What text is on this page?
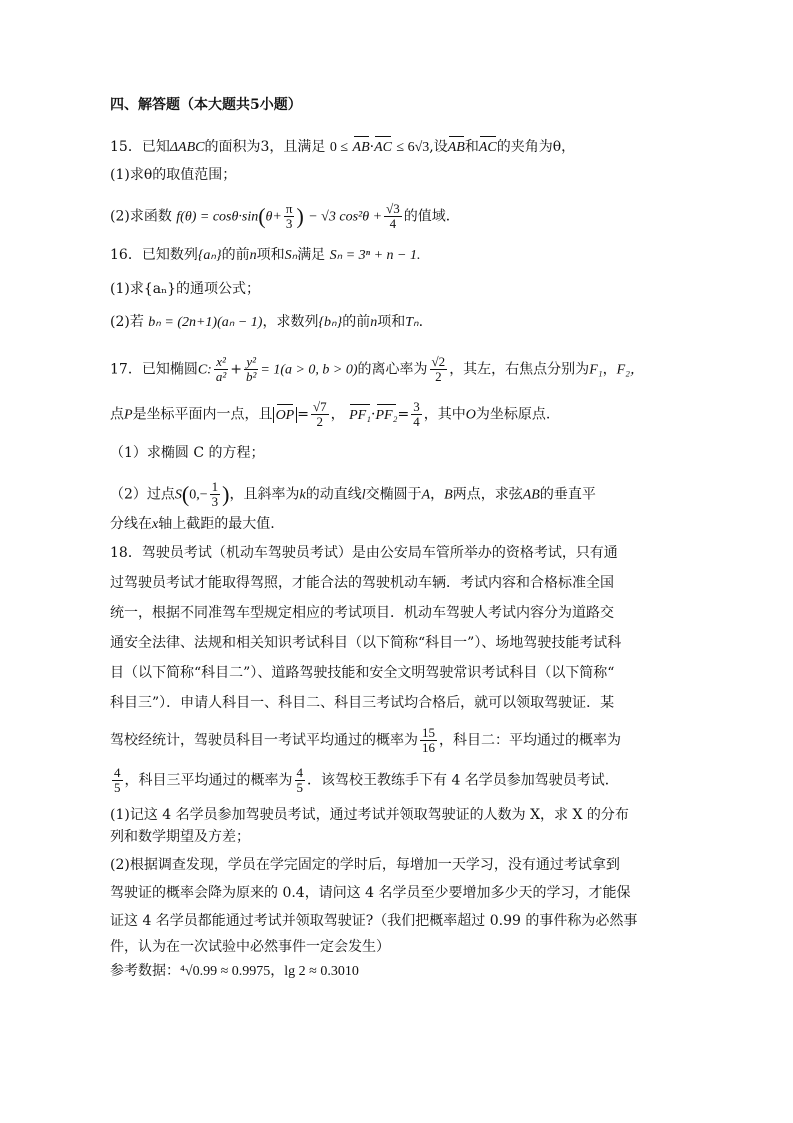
四、解答题（本大题共5小题）
15．已知ΔABC的面积为3，且满足 0 ≤ AB·AC ≤ 6√3,设AB和AC的夹角为θ，
(1)求θ的取值范围；
(2)求函数 $f(\theta) = \cos\theta\cdot\sin(\theta+ \frac{\pi}{3}$ ) − √3 $\cos^2\theta + \frac{√3}{4}$ 的值域．
16．已知数列{aₙ}的前n项和Sₙ满足 Sₙ = 3ⁿ + n − 1.
(1)求{aₙ}的通项公式；
(2)若 bₙ = (2n+1)(aₙ − 1)，求数列{bₙ}的前n项和Tₙ.
17．已知椭圆C: $\frac{\text{x²}}{\text{a²}} + \frac{\text{y²}}{\text{b²}} = 1(a > 0$, b > 0)的离心率为 $\frac{√2}{2}$ ，其左，右焦点分别为F₁，F₂，
点P是坐标平面内一点，且 OP = $\frac{√7}{2}$ ， $PF_1\cdot PF_2= \frac{3}{4}$ ，其中O为坐标原点.
（1）求椭圆 C 的方程；
（2）过点$S(0,- \frac{1}{3}$ )，且斜率为k的动直线l交椭圆于A，B两点，求弦AB的垂直平
分线在x轴上截距的最大值.
18．驾驶员考试（机动车驾驶员考试）是由公安局车管所举办的资格考试，只有通
过驾驶员考试才能取得驾照，才能合法的驾驶机动车辆．考试内容和合格标准全国
统一，根据不同准驾车型规定相应的考试项目．机动车驾驶人考试内容分为道路交
通安全法律、法规和相关知识考试科目（以下简称“科目一”）、场地驾驶技能考试科
目（以下简称“科目二”）、道路驾驶技能和安全文明驾驶常识考试科目（以下简称“
科目三”）．申请人科目一、科目二、科目三考试均合格后，就可以领取驾驶证．某
驾校经统计，驾驶员科目一考试平均通过的概率为 $\frac{15}{16}$ ，科目二：平均通过的概率为
$\frac{4}{5}$ ，科目三平均通过的概率为 $\frac{4}{5}$ ．该驾校王教练手下有 4 名学员参加驾驶员考试．
(1)记这 4 名学员参加驾驶员考试，通过考试并领取驾驶证的人数为 X，求 X 的分布
列和数学期望及方差；
(2)根据调查发现，学员在学完固定的学时后，每增加一天学习，没有通过考试拿到
驾驶证的概率会降为原来的 0.4，请问这 4 名学员至少要增加多少天的学习，才能保
证这 4 名学员都能通过考试并领取驾驶证?（我们把概率超过 0.99 的事件称为必然事
件，认为在一次试验中必然事件一定会发生）
参考数据：⁴√0.99 ≈ 0.9975，lg 2 ≈ 0.3010
